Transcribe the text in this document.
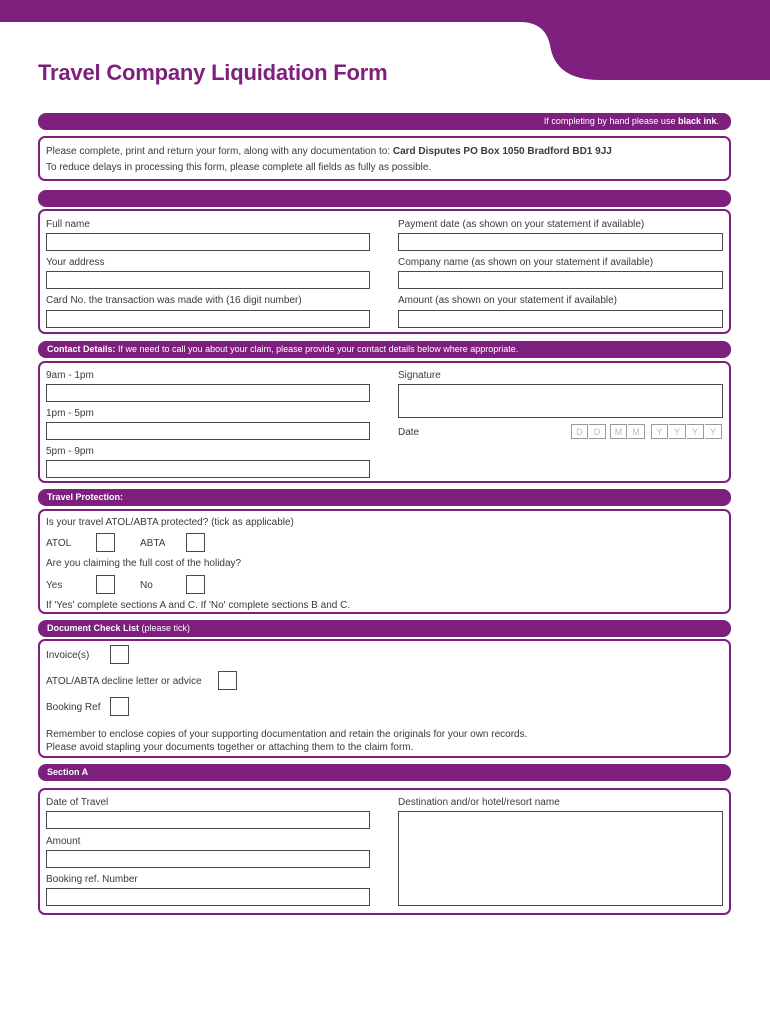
cahoot
Travel Company Liquidation Form
If completing by hand please use black ink.
Please complete, print and return your form, along with any documentation to: Card Disputes PO Box 1050 Bradford BD1 9JJ
To reduce delays in processing this form, please complete all fields as fully as possible.
Full name	Payment date (as shown on your statement if available)
Your address	Company name (as shown on your statement if available)
Card No. the transaction was made with (16 digit number)	Amount (as shown on your statement if available)
Contact Details: If we need to call you about your claim, please provide your contact details below where appropriate.
9am - 1pm
1pm - 5pm
5pm - 9pm
Signature
Date	D	D	M	M	Y	Y	Y	Y
Travel Protection:
Is your travel ATOL/ABTA protected? (tick as applicable)
ATOL	ABTA
Are you claiming the full cost of the holiday?
Yes	No
If 'Yes' complete sections A and C. If 'No' complete sections B and C.
Document Check List (please tick)
Invoice(s)
ATOL/ABTA decline letter or advice
Booking Ref
Remember to enclose copies of your supporting documentation and retain the originals for your own records.
Please avoid stapling your documents together or attaching them to the claim form.
Section A
Date of Travel
Amount
Booking ref. Number
Destination and/or hotel/resort name
